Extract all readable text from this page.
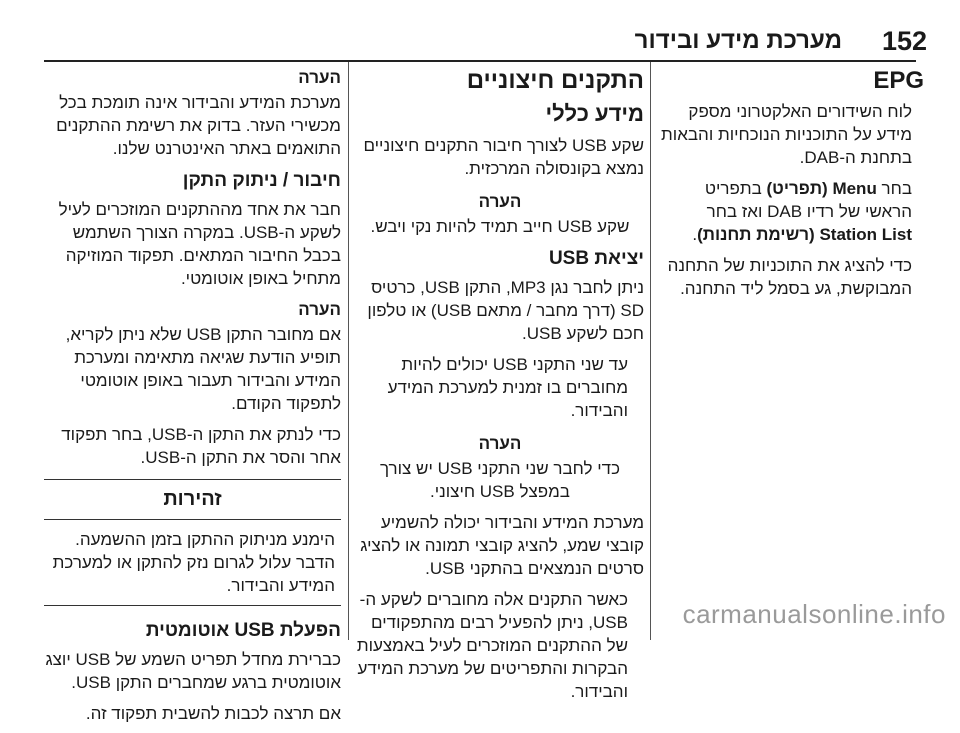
152
מערכת מידע ובידור
EPG
לוח השידורים האלקטרוני מספק מידע על התוכניות הנוכחיות והבאות בתחנת ה-DAB.
בחר Menu (תפריט) בתפריט הראשי של רדיו DAB ואז בחר Station List (רשימת תחנות).
כדי להציג את התוכניות של התחנה המבוקשת, גע בסמל ליד התחנה.
התקנים חיצוניים
מידע כללי
שקע USB לצורך חיבור התקנים חיצוניים נמצא בקונסולה המרכזית.
הערה
שקע USB חייב תמיד להיות נקי ויבש.
יציאת USB
ניתן לחבר נגן MP3, התקן USB, כרטיס SD (דרך מחבר / מתאם USB) או טלפון חכם לשקע USB.
עד שני התקני USB יכולים להיות מחוברים בו זמנית למערכת המידע והבידור.
הערה
כדי לחבר שני התקני USB יש צורך במפצל USB חיצוני.
מערכת המידע והבידור יכולה להשמיע קובצי שמע, להציג קובצי תמונה או להציג סרטים הנמצאים בהתקני USB.
כאשר התקנים אלה מחוברים לשקע ה-USB, ניתן להפעיל רבים מהתפקודים של ההתקנים המוזכרים לעיל באמצעות הבקרות והתפריטים של מערכת המידע והבידור.
הערה
מערכת המידע והבידור אינה תומכת בכל מכשירי העזר. בדוק את רשימת ההתקנים התואמים באתר האינטרנט שלנו.
חיבור / ניתוק התקן
חבר את אחד מההתקנים המוזכרים לעיל לשקע ה-USB. במקרה הצורך השתמש בכבל החיבור המתאים. תפקוד המוזיקה מתחיל באופן אוטומטי.
הערה
אם מחובר התקן USB שלא ניתן לקריא, תופיע הודעת שגיאה מתאימה ומערכת המידע והבידור תעבור באופן אוטומטי לתפקוד הקודם.
כדי לנתק את התקן ה-USB, בחר תפקוד אחר והסר את התקן ה-USB.
זהירות
הימנע מניתוק ההתקן בזמן ההשמעה. הדבר עלול לגרום נזק להתקן או למערכת המידע והבידור.
הפעלת USB אוטומטית
כברירת מחדל תפריט השמע של USB יוצג אוטומטית ברגע שמחברים התקן USB.
אם תרצה לכבות להשבית תפקוד זה.
carmanualsonline.info
